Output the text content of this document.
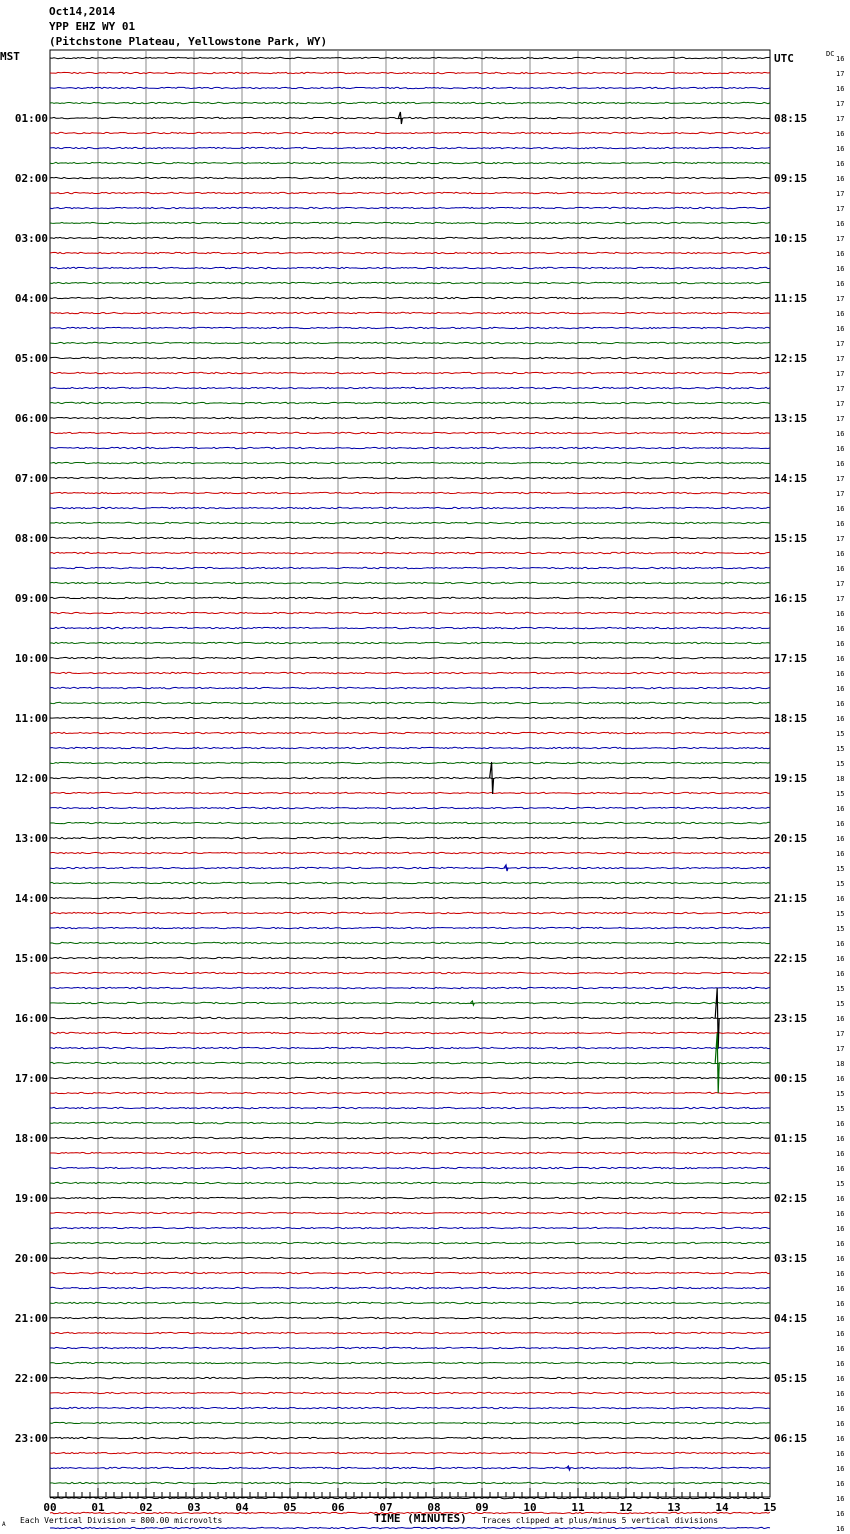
Oct14,2014
YPP EHZ WY 01
(Pitchstone Plateau, Yellowstone Park, WY)
01:00
02:00
03:00
04:00
05:00
06:00
07:00
08:00
09:00
10:00
11:00
12:00
13:00
14:00
15:00
16:00
17:00
18:00
19:00
20:00
21:00
22:00
23:00
UTC
08:15
09:15
10:15
11:15
12:15
13:15
14:15
15:15
16:15
17:15
18:15
19:15
20:15
21:15
22:15
23:15
00:15
01:15
02:15
03:15
04:15
05:15
06:15
16
17
16
17
17
16
16
16
16
17
17
16
17
16
16
16
17
16
16
17
17
17
17
17
17
16
16
16
17
17
16
16
17
16
16
17
17
16
16
16
16
16
16
16
16
15
15
15
18
15
16
16
16
16
15
15
16
15
15
16
16
16
15
15
16
17
17
18
16
15
15
16
16
16
16
15
16
16
16
16
16
16
16
16
16
16
16
16
16
16
16
16
16
16
16
16
16
16
16
00	01	02	03	04	05	06	07	08	09	10	11	12	13	14	15
MST	DC
TIME (MINUTES)
Each Vertical Division = 800.00 microvolts	Traces clipped at plus/minus 5 vertical divisions
A
